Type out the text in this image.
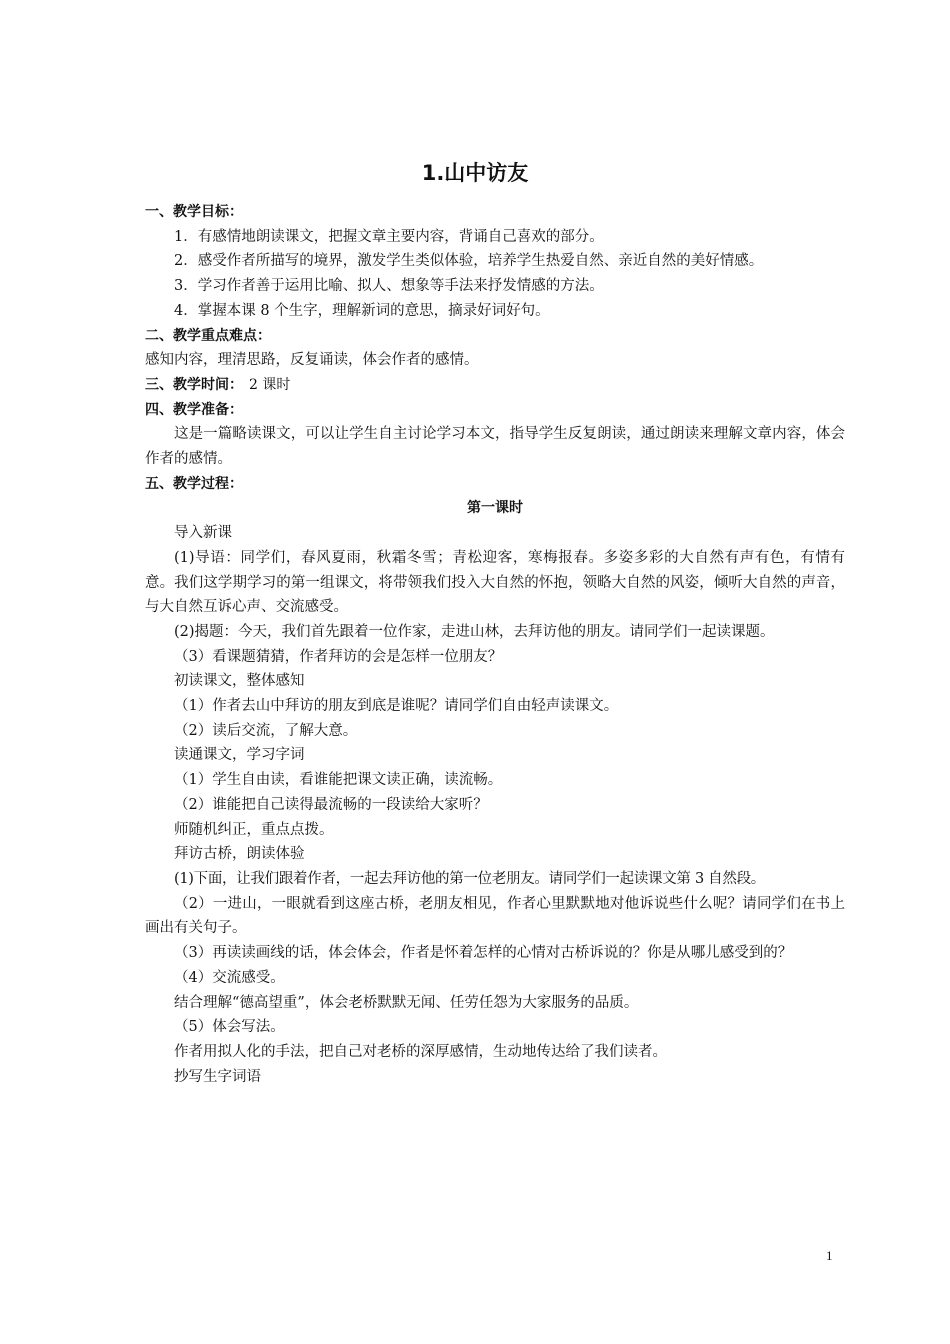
1.山中访友

一、教学目标：

1．有感情地朗读课文，把握文章主要内容，背诵自己喜欢的部分。

2．感受作者所描写的境界，激发学生类似体验，培养学生热爱自然、亲近自然的美好情感。

3．学习作者善于运用比喻、拟人、想象等手法来抒发情感的方法。

4．掌握本课 8 个生字，理解新词的意思，摘录好词好句。

二、教学重点难点：

感知内容，理清思路，反复诵读，体会作者的感情。

三、教学时间： 2 课时

四、教学准备：

这是一篇略读课文，可以让学生自主讨论学习本文，指导学生反复朗读，通过朗读来理解文章内容，体会作者的感情。

五、教学过程：

第一课时

导入新课

(1)导语：同学们，春风夏雨，秋霜冬雪；青松迎客，寒梅报春。多姿多彩的大自然有声有色，有情有意。我们这学期学习的第一组课文，将带领我们投入大自然的怀抱，领略大自然的风姿，倾听大自然的声音，与大自然互诉心声、交流感受。

(2)揭题：今天，我们首先跟着一位作家，走进山林，去拜访他的朋友。请同学们一起读课题。

（3）看课题猜猜，作者拜访的会是怎样一位朋友？

初读课文，整体感知

（1）作者去山中拜访的朋友到底是谁呢？请同学们自由轻声读课文。

（2）读后交流，了解大意。

读通课文，学习字词

（1）学生自由读，看谁能把课文读正确，读流畅。

（2）谁能把自己读得最流畅的一段读给大家听？

师随机纠正，重点点拨。

拜访古桥，朗读体验

(1)下面，让我们跟着作者，一起去拜访他的第一位老朋友。请同学们一起读课文第 3 自然段。

（2）一进山，一眼就看到这座古桥，老朋友相见，作者心里默默地对他诉说些什么呢？请同学们在书上画出有关句子。

（3）再读读画线的话，体会体会，作者是怀着怎样的心情对古桥诉说的？你是从哪儿感受到的？

（4）交流感受。

结合理解“德高望重”，体会老桥默默无闻、任劳任怨为大家服务的品质。

（5）体会写法。

作者用拟人化的手法，把自己对老桥的深厚感情，生动地传达给了我们读者。

抄写生字词语

1
